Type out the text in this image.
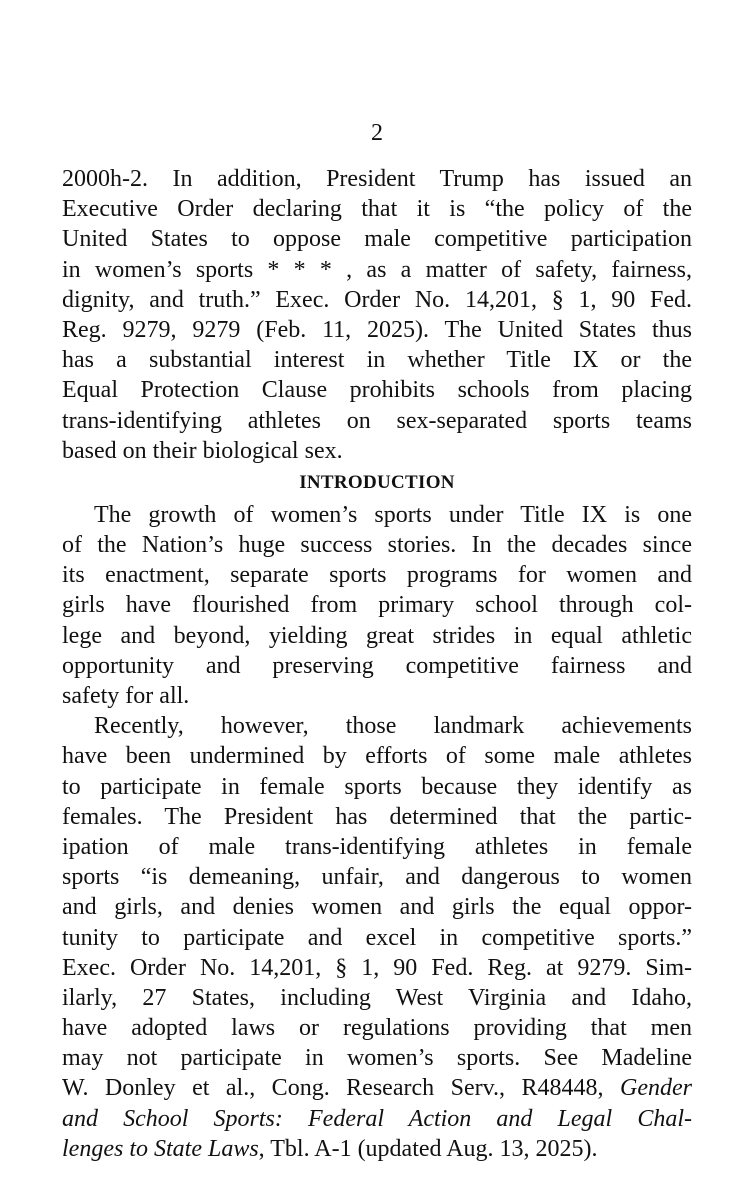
2
2000h-2. In addition, President Trump has issued an
Executive Order declaring that it is “the policy of the
United States to oppose male competitive participation
in women’s sports * * * , as a matter of safety, fairness,
dignity, and truth.” Exec. Order No. 14,201, § 1, 90 Fed.
Reg. 9279, 9279 (Feb. 11, 2025). The United States thus
has a substantial interest in whether Title IX or the
Equal Protection Clause prohibits schools from placing
trans-identifying athletes on sex-separated sports teams
based on their biological sex.
INTRODUCTION
The growth of women’s sports under Title IX is one
of the Nation’s huge success stories. In the decades since
its enactment, separate sports programs for women and
girls have flourished from primary school through col-
lege and beyond, yielding great strides in equal athletic
opportunity and preserving competitive fairness and
safety for all.
Recently, however, those landmark achievements
have been undermined by efforts of some male athletes
to participate in female sports because they identify as
females. The President has determined that the partic-
ipation of male trans-identifying athletes in female
sports “is demeaning, unfair, and dangerous to women
and girls, and denies women and girls the equal oppor-
tunity to participate and excel in competitive sports.”
Exec. Order No. 14,201, § 1, 90 Fed. Reg. at 9279. Sim-
ilarly, 27 States, including West Virginia and Idaho,
have adopted laws or regulations providing that men
may not participate in women’s sports. See Madeline
W. Donley et al., Cong. Research Serv., R48448, Gender
and School Sports: Federal Action and Legal Chal-
lenges to State Laws, Tbl. A-1 (updated Aug. 13, 2025).
